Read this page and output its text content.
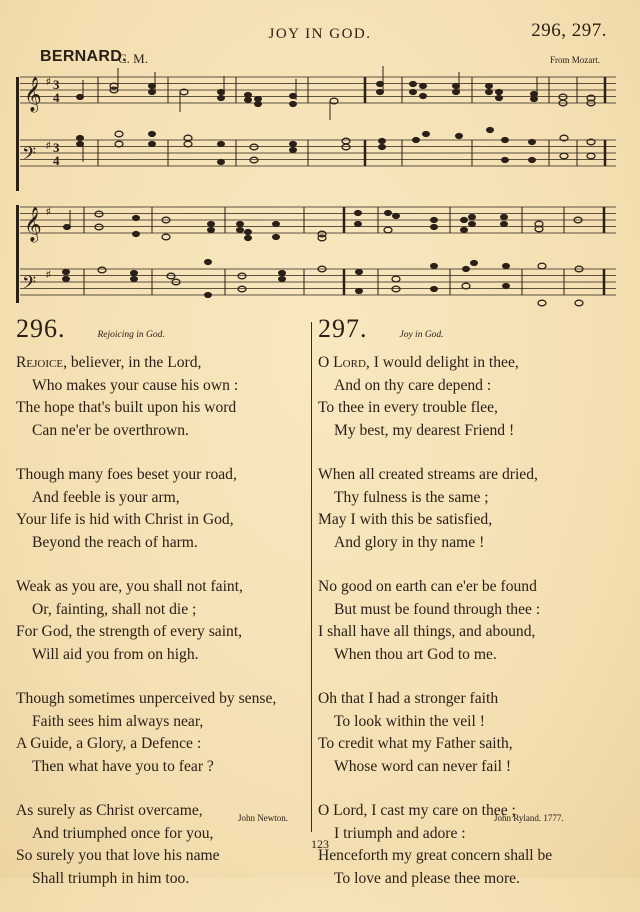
JOY IN GOD.	296, 297.
BERNARD.
C. M.	From Mozart.
𝄞
𝄢
♯
♯
3
4
3
4
𝄞
𝄢
♯
♯
296.	Rejoicing in God.
Rejoice, believer, in the Lord,
Who makes your cause his own :
The hope that's built upon his word
Can ne'er be overthrown.
Though many foes beset your road,
And feeble is your arm,
Your life is hid with Christ in God,
Beyond the reach of harm.
Weak as you are, you shall not faint,
Or, fainting, shall not die ;
For God, the strength of every saint,
Will aid you from on high.
Though sometimes unperceived by sense,
Faith sees him always near,
A Guide, a Glory, a Defence :
Then what have you to fear ?
As surely as Christ overcame,
And triumphed once for you,
So surely you that love his name
Shall triumph in him too.
297.	Joy in God.
O Lord, I would delight in thee,
And on thy care depend :
To thee in every trouble flee,
My best, my dearest Friend !
When all created streams are dried,
Thy fulness is the same ;
May I with this be satisfied,
And glory in thy name !
No good on earth can e'er be found
But must be found through thee :
I shall have all things, and abound,
When thou art God to me.
Oh that I had a stronger faith
To look within the veil !
To credit what my Father saith,
Whose word can never fail !
O Lord, I cast my care on thee ;
I triumph and adore :
Henceforth my great concern shall be
To love and please thee more.
John Newton.	John Ryland. 1777.
123
